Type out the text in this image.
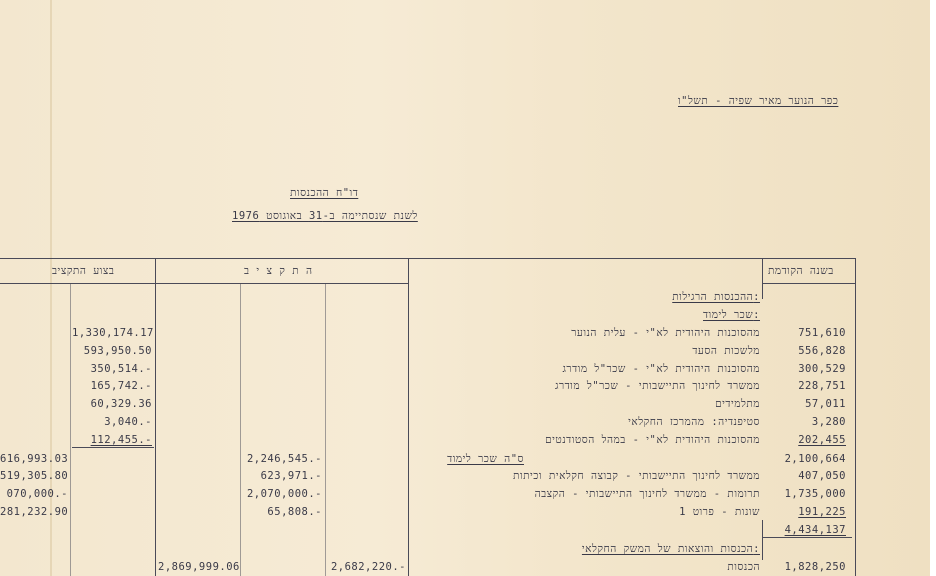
כפר הנוער מאיר שפיה - תשל"ו
דו"ח ההכנסות
לשנת שנסתיימה ב-31 באוגוסט 1976
בצוע התקציב	ה ת ק צ י ב	בשנה הקודמת
ההכנסות הרגילות:
שכר לימוד:
מהסוכנות היהודית לא"י - עלית הנוער
מלשכות הסעד
מהסוכנות היהודית לא"י - שכר"ל מודרג
ממשרד לחינוך התיישבותי - שכר"ל מודרג
מתלמידים
סטיפנדיה: מהמרכז החקלאי
מהסוכנות היהודית לא"י - במהל הסטודנטים
ס"ה שכר לימוד
ממשרד לחינוך התיישבותי - קבוצה חקלאית וכיתות
תרומות - ממשרד לחינוך התיישבותי - הקצבה
שונות - פרוט 1
הכנסות והוצאות של המשק החקלאי:
הכנסות
751,610
556,828
300,529
228,751
57,011
3,280
202,455
2,100,664
407,050
1,735,000
191,225
4,434,137
1,828,250
1,330,174.17
593,950.50
350,514.-
165,742.-
60,329.36
3,040.-
112,455.-
2,869,999.06
616,993.03
519,305.80
070,000.-
281,232.90
2,246,545.-
623,971.-
2,070,000.-
65,808.-
2,682,220.-
